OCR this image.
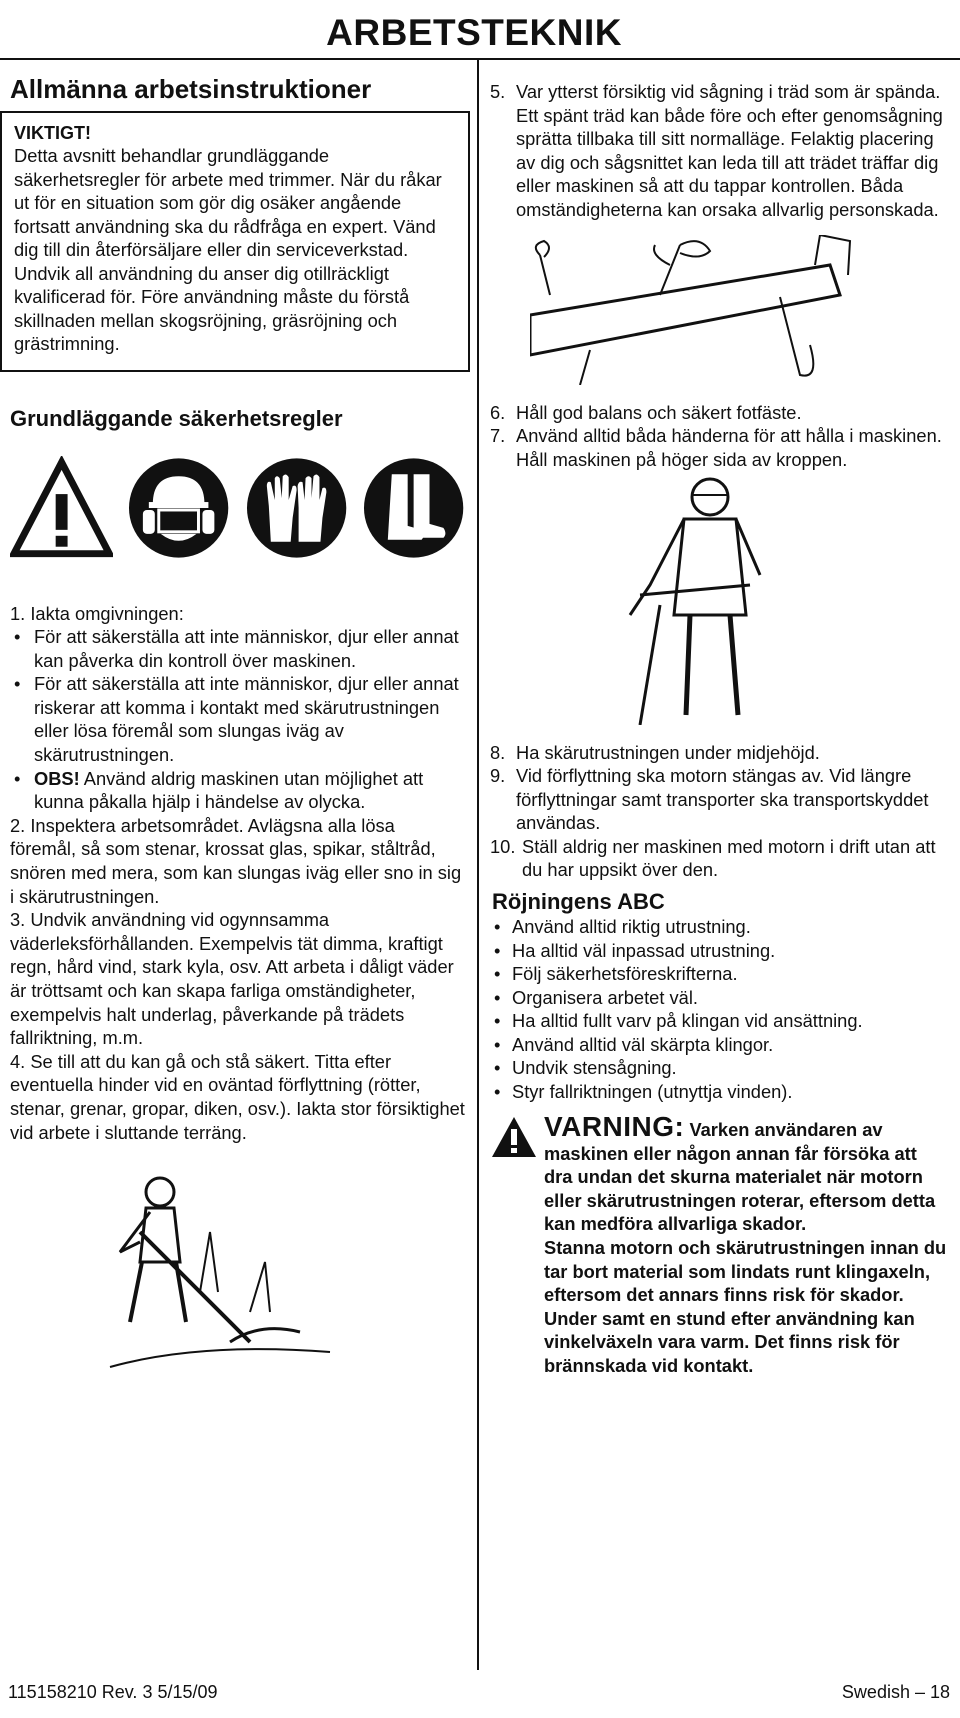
ARBETSTEKNIK
Allmänna arbetsinstruktioner
VIKTIGT!
Detta avsnitt behandlar grundläggande säkerhetsregler för arbete med trimmer. När du råkar ut för en situation som gör dig osäker angående fortsatt användning ska du rådfråga en expert. Vänd dig till din återförsäljare eller din serviceverkstad. Undvik all användning du anser dig otillräckligt kvalificerad för. Före användning måste du förstå skillnaden mellan skogsröjning, gräsröjning och grästrimning.
Grundläggande säkerhetsregler
1. Iakta omgivningen:
• För att säkerställa att inte människor, djur eller annat kan påverka din kontroll över maskinen.
• För att säkerställa att inte människor, djur eller annat riskerar att komma i kontakt med skärutrustningen eller lösa föremål som slungas iväg av skärutrustningen.
• OBS! Använd aldrig maskinen utan möjlighet att kunna påkalla hjälp i händelse av olycka.
2. Inspektera arbetsområdet. Avlägsna alla lösa föremål, så som stenar, krossat glas, spikar, ståltråd, snören med mera, som kan slungas iväg eller sno in sig i skärutrustningen.
3. Undvik användning vid ogynnsamma väderleksförhållanden. Exempelvis tät dimma, kraftigt regn, hård vind, stark kyla, osv. Att arbeta i dåligt väder är tröttsamt och kan skapa farliga omständigheter, exempelvis halt underlag, påverkande på trädets fallriktning, m.m.
4. Se till att du kan gå och stå säkert. Titta efter eventuella hinder vid en oväntad förflyttning (rötter, stenar, grenar, gropar, diken, osv.). Iakta stor försiktighet vid arbete i sluttande terräng.
5. Var ytterst försiktig vid sågning i träd som är spända. Ett spänt träd kan både före och efter genomsågning sprätta tillbaka till sitt normalläge. Felaktig placering av dig och sågsnittet kan leda till att trädet träffar dig eller maskinen så att du tappar kontrollen. Båda omständigheterna kan orsaka allvarlig personskada.
6. Håll god balans och säkert fotfäste.
7. Använd alltid båda händerna för att hålla i maskinen. Håll maskinen på höger sida av kroppen.
8. Ha skärutrustningen under midjehöjd.
9. Vid förflyttning ska motorn stängas av. Vid längre förflyttningar samt transporter ska transportskyddet användas.
10. Ställ aldrig ner maskinen med motorn i drift utan att du har uppsikt över den.
Röjningens ABC
• Använd alltid riktig utrustning.
• Ha alltid väl inpassad utrustning.
• Följ säkerhetsföreskrifterna.
• Organisera arbetet väl.
• Ha alltid fullt varv på klingan vid ansättning.
• Använd alltid väl skärpta klingor.
• Undvik stensågning.
• Styr fallriktningen (utnyttja vinden).
VARNING: Varken användaren av maskinen eller någon annan får försöka att dra undan det skurna materialet när motorn eller skärutrustningen roterar, eftersom detta kan medföra allvarliga skador.
Stanna motorn och skärutrustningen innan du tar bort material som lindats runt klingaxeln, eftersom det annars finns risk för skador.
Under samt en stund efter användning kan vinkelväxeln vara varm. Det finns risk för brännskada vid kontakt.
115158210 Rev. 3 5/15/09	Swedish – 18
